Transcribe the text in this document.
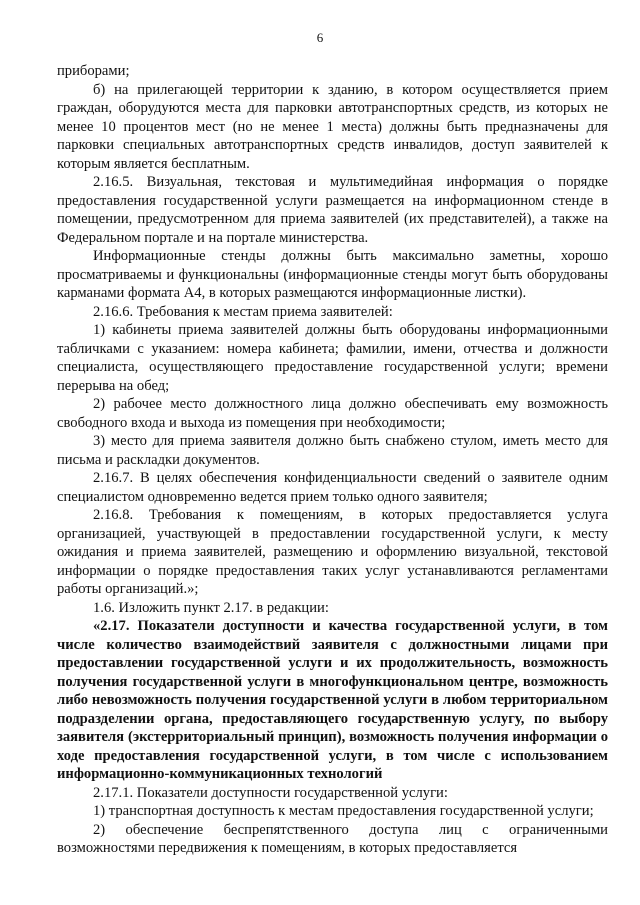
6

приборами;

б) на прилегающей территории к зданию, в котором осуществляется прием граждан, оборудуются места для парковки автотранспортных средств, из которых не менее 10 процентов мест (но не менее 1 места) должны быть предназначены для парковки специальных автотранспортных средств инвалидов, доступ заявителей к которым является бесплатным.

2.16.5. Визуальная, текстовая и мультимедийная информация о порядке предоставления государственной услуги размещается на информационном стенде в помещении, предусмотренном для приема заявителей (их представителей), а также на Федеральном портале и на портале министерства.

Информационные стенды должны быть максимально заметны, хорошо просматриваемы и функциональны (информационные стенды могут быть оборудованы карманами формата А4, в которых размещаются информационные листки).

2.16.6. Требования к местам приема заявителей:

1) кабинеты приема заявителей должны быть оборудованы информационными табличками с указанием: номера кабинета; фамилии, имени, отчества и должности специалиста, осуществляющего предоставление государственной услуги; времени перерыва на обед;

2) рабочее место должностного лица должно обеспечивать ему возможность свободного входа и выхода из помещения при необходимости;

3) место для приема заявителя должно быть снабжено стулом, иметь место для письма и раскладки документов.

2.16.7. В целях обеспечения конфиденциальности сведений о заявителе одним специалистом одновременно ведется прием только одного заявителя;

2.16.8. Требования к помещениям, в которых предоставляется услуга организацией, участвующей в предоставлении государственной услуги, к месту ожидания и приема заявителей, размещению и оформлению визуальной, текстовой информации о порядке предоставления таких услуг устанавливаются регламентами работы организаций.»;

1.6. Изложить пункт 2.17. в редакции:

«2.17. Показатели доступности и качества государственной услуги, в том числе количество взаимодействий заявителя с должностными лицами при предоставлении государственной услуги и их продолжительность, возможность получения государственной услуги в многофункциональном центре, возможность либо невозможность получения государственной услуги в любом территориальном подразделении органа, предоставляющего государственную услугу, по выбору заявителя (экстерриториальный принцип), возможность получения информации о ходе предоставления государственной услуги, в том числе с использованием информационно-коммуникационных технологий

2.17.1. Показатели доступности государственной услуги:

1) транспортная доступность к местам предоставления государственной услуги;

2) обеспечение беспрепятственного доступа лиц с ограниченными возможностями передвижения к помещениям, в которых предоставляется
